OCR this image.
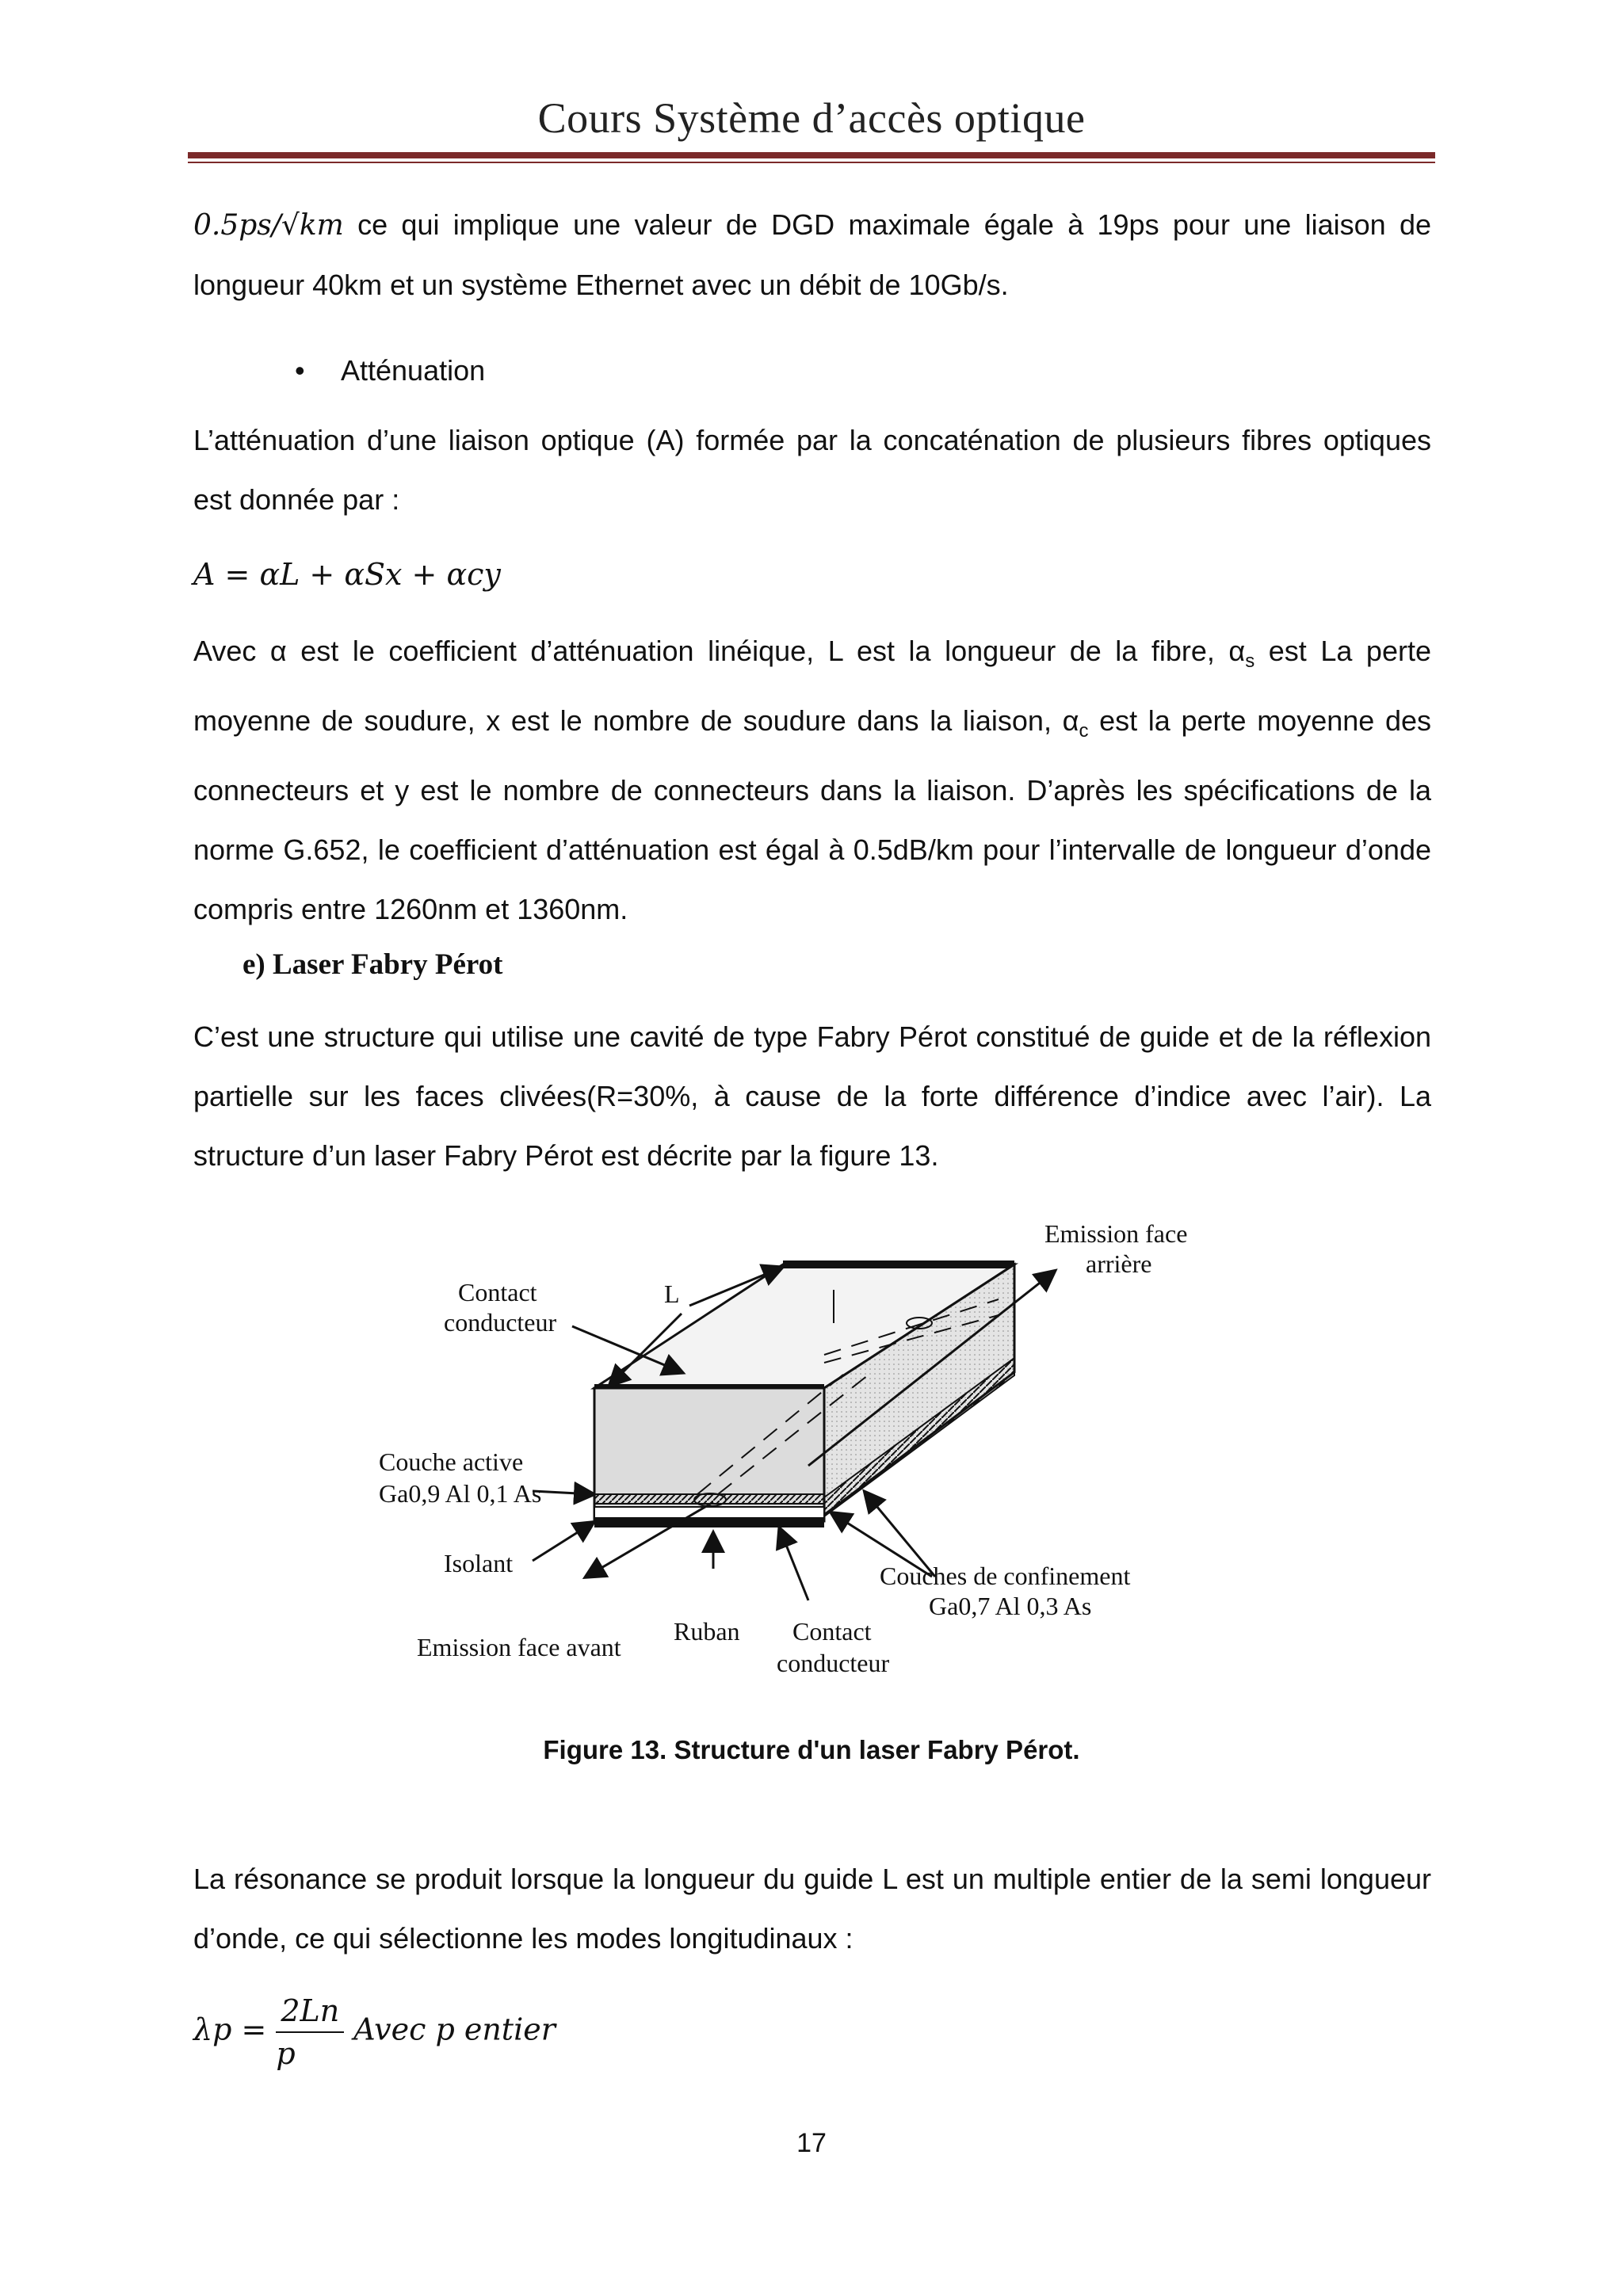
Cours Système d’accès optique
0.5ps/√km ce qui implique une valeur de DGD maximale égale à 19ps pour une liaison de longueur 40km et un système Ethernet avec un débit de 10Gb/s.
• Atténuation
L’atténuation d’une liaison optique (A) formée par la concaténation de plusieurs fibres optiques est donnée par :
A = αL + αSx + αcy
Avec α est le coefficient d’atténuation linéique, L est la longueur de la fibre, $\alpha_s$ est La perte moyenne de soudure, x est le nombre de soudure dans la liaison, $\alpha_c$ est la perte moyenne des connecteurs et y est le nombre de connecteurs dans la liaison. D’après les spécifications de la norme G.652, le coefficient d’atténuation est égal à 0.5dB/km pour l’intervalle de longueur d’onde compris entre 1260nm et 1360nm.
e) Laser Fabry Pérot
C’est une structure qui utilise une cavité de type Fabry Pérot constitué de guide et de la réflexion partielle sur les faces clivées(R=30%, à cause de la forte différence d’indice avec l’air). La structure d’un laser Fabry Pérot est décrite par la figure 13.
Emission face
arrière
Contact
conducteur
L
Couche active
Ga0,9 Al 0,1 As
Isolant	Couches de confinement
Ga0,7 Al 0,3 As
Emission face avant
Ruban Contact
conducteur
Figure 13. Structure d'un laser Fabry Pérot.
La résonance se produit lorsque la longueur du guide L est un multiple entier de la semi longueur d’onde, ce qui sélectionne les modes longitudinaux :
$\lambda p = \frac{2Ln}{p}$ Avec p entier
17
